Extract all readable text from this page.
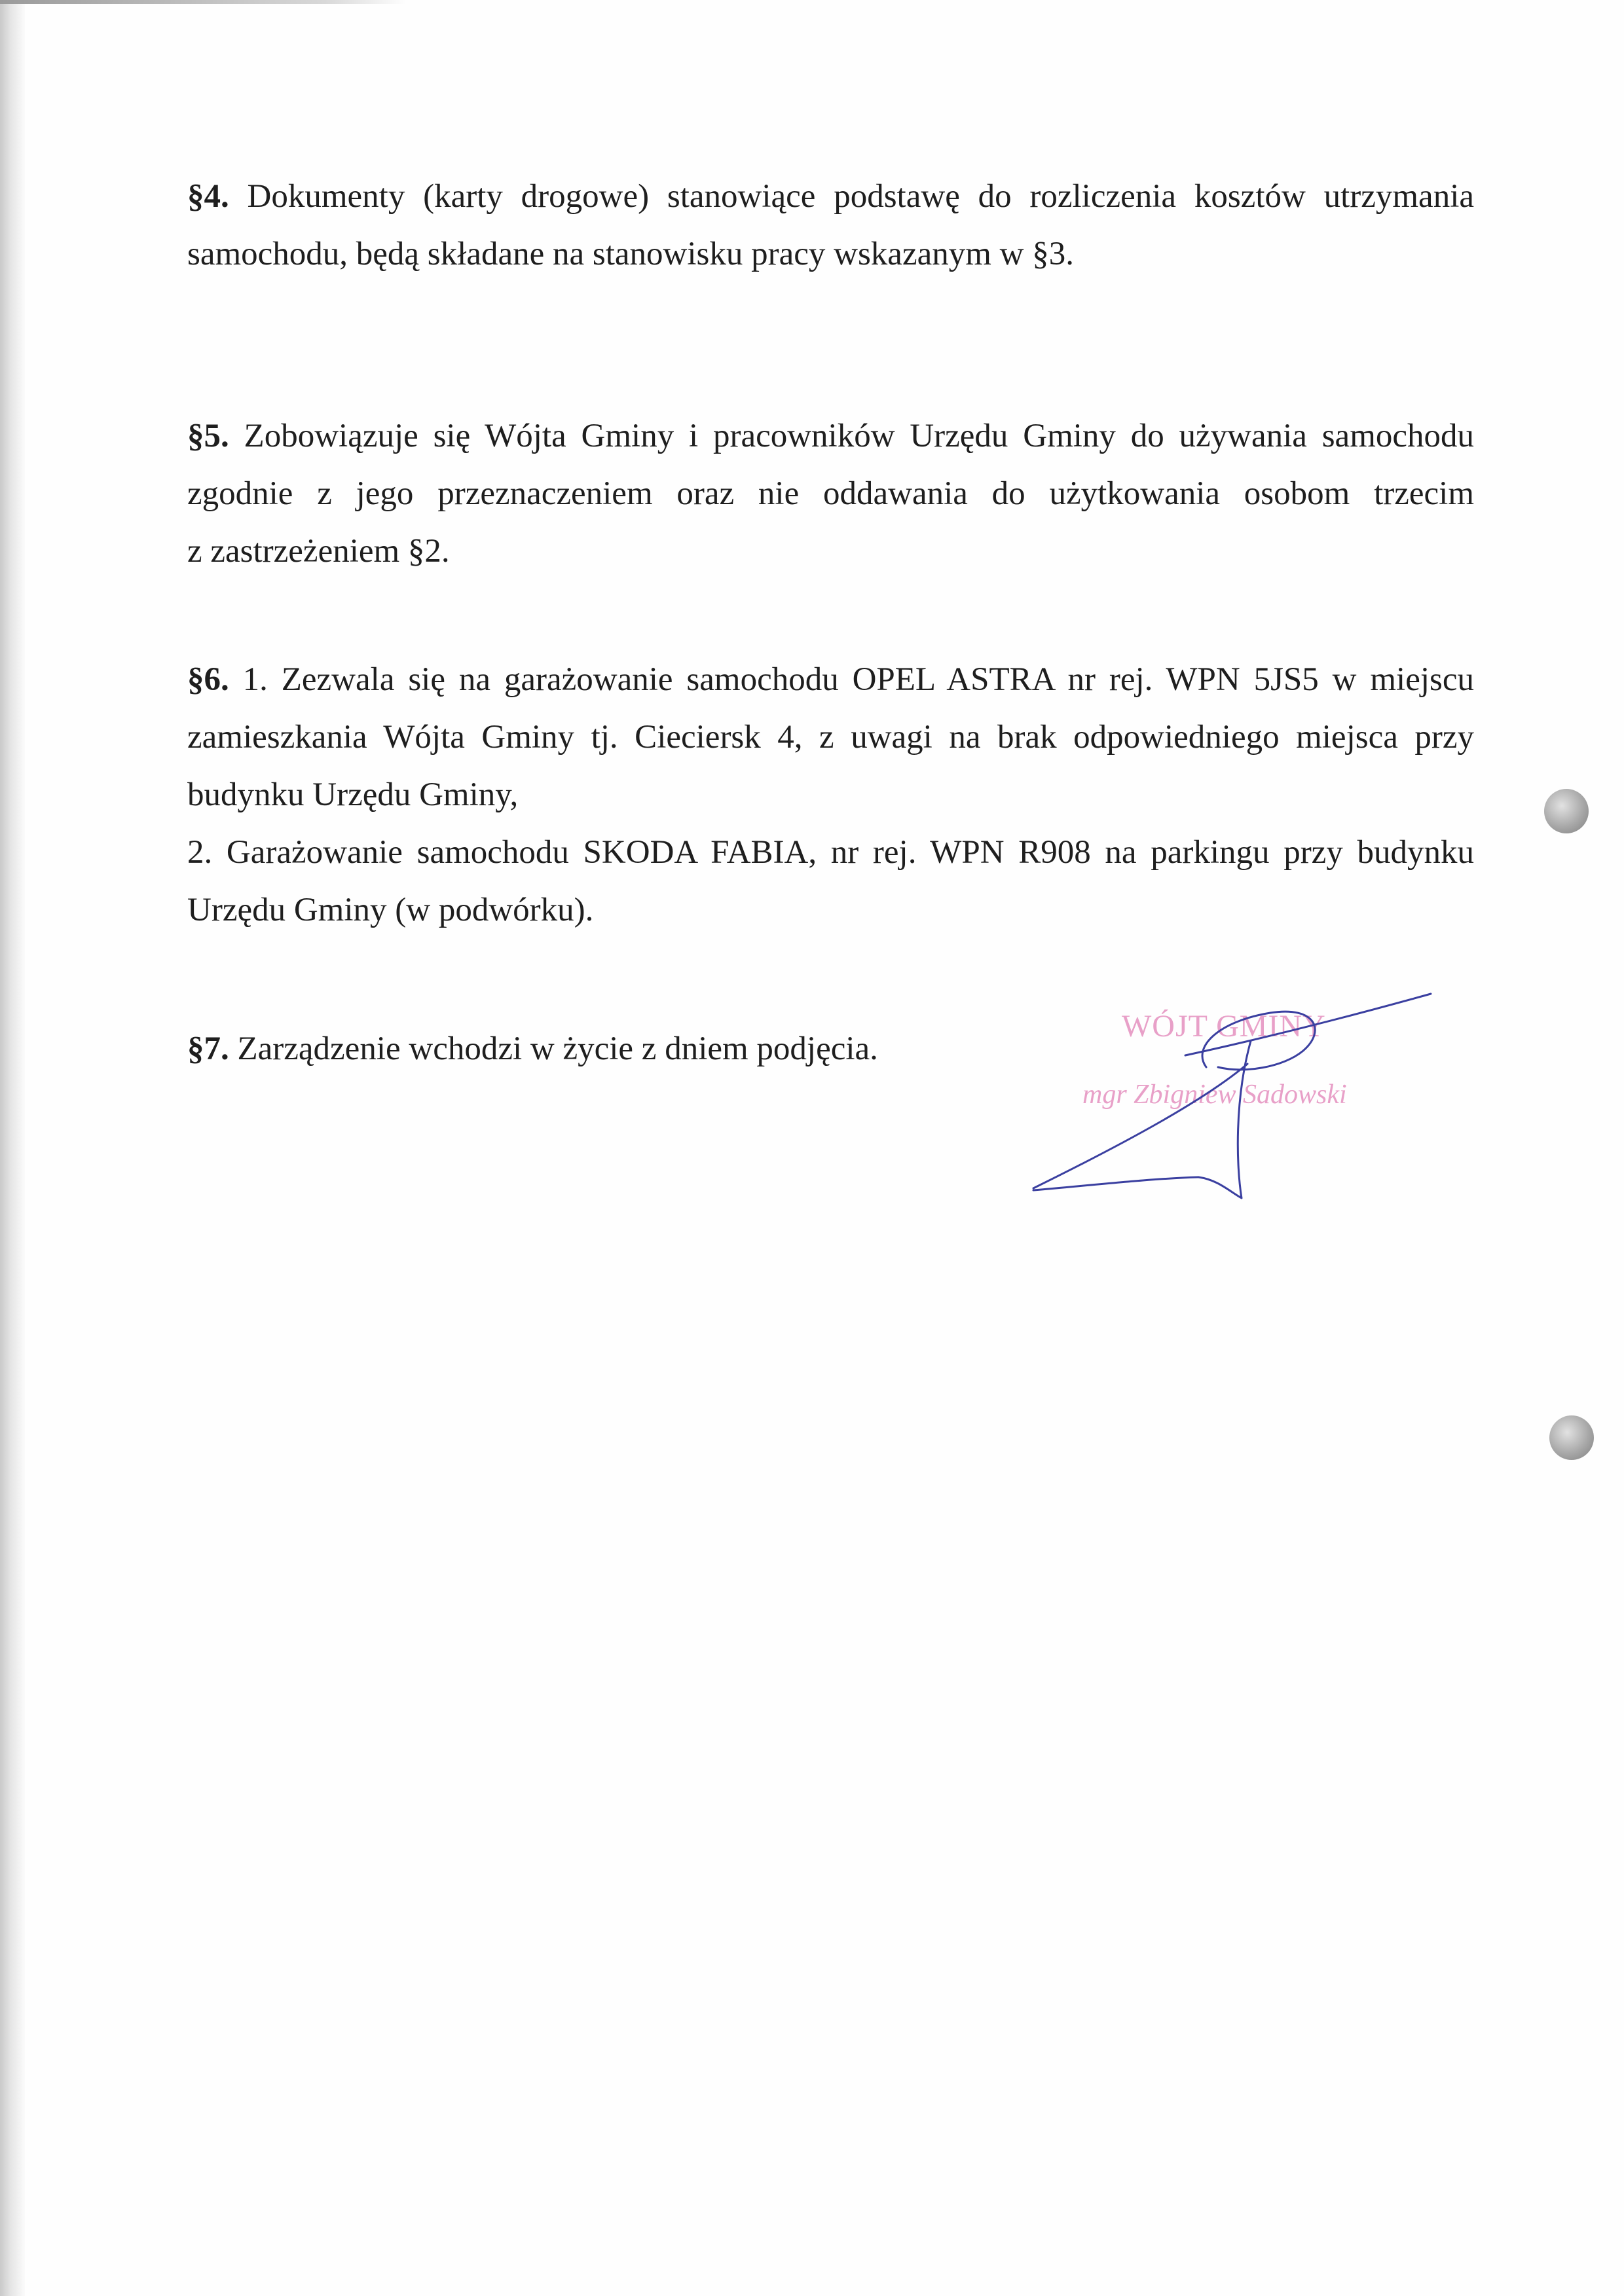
§4. Dokumenty (karty drogowe) stanowiące podstawę do rozliczenia kosztów utrzymania
samochodu, będą składane na stanowisku pracy wskazanym w §3.

§5. Zobowiązuje się Wójta Gminy i pracowników Urzędu Gminy do używania samochodu
zgodnie z jego przeznaczeniem oraz nie oddawania do użytkowania osobom trzecim
z zastrzeżeniem §2.

§6. 1. Zezwala się na garażowanie samochodu OPEL ASTRA nr rej. WPN 5JS5 w miejscu
zamieszkania Wójta Gminy tj. Cieciersk 4, z uwagi na brak odpowiedniego miejsca przy
budynku Urzędu Gminy,
2. Garażowanie samochodu SKODA FABIA, nr rej. WPN R908 na parkingu przy budynku
Urzędu Gminy (w podwórku).

§7. Zarządzenie wchodzi w życie z dniem podjęcia.

WÓJT GMINY
mgr Zbigniew Sadowski
